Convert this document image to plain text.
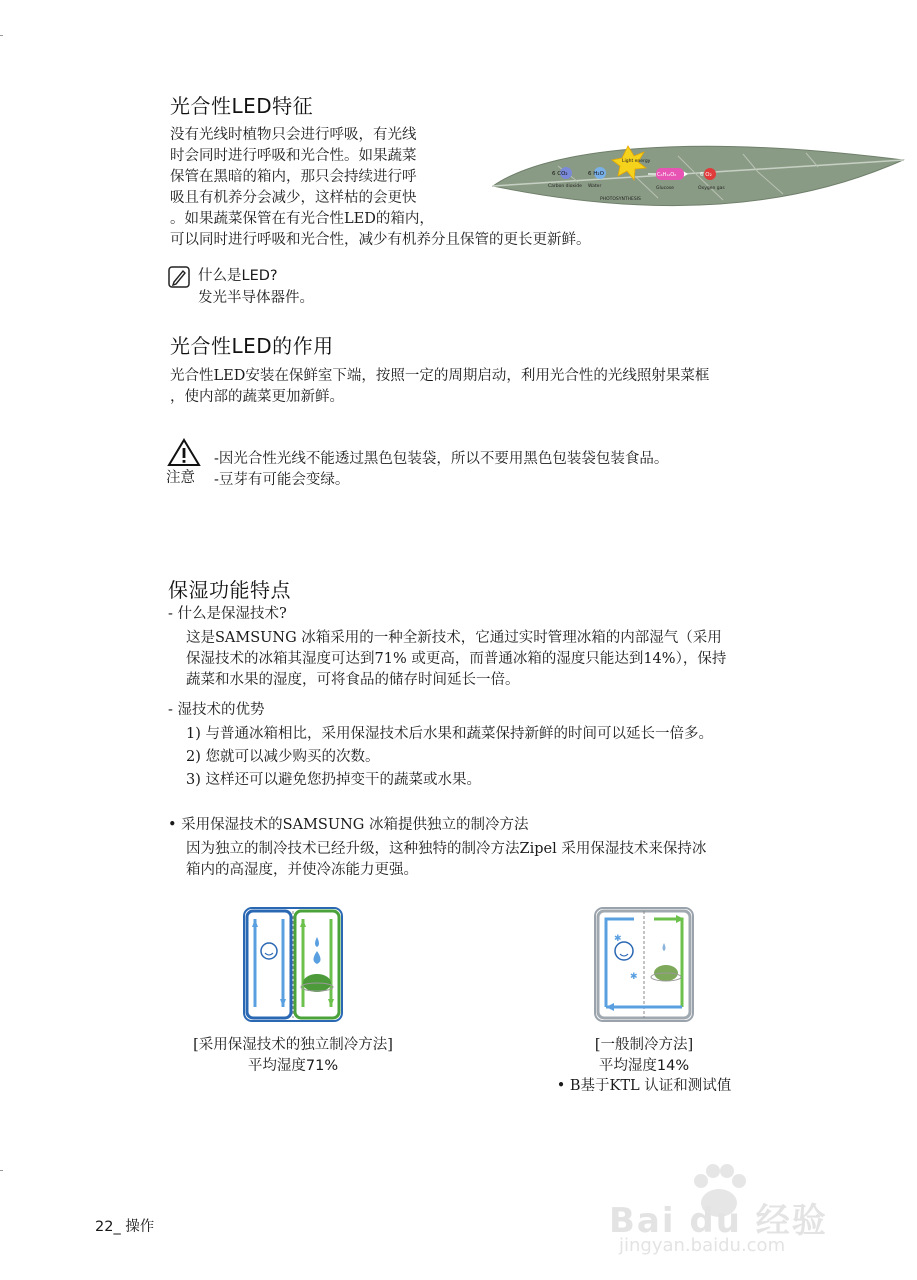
光合性LED特征
没有光线时植物只会进行呼吸，有光线
时会同时进行呼吸和光合性。如果蔬菜
保管在黑暗的箱内，那只会持续进行呼
吸且有机养分会减少，这样枯的会更快
。如果蔬菜保管在有光合性LED的箱内，
可以同时进行呼吸和光合性，减少有机养分且保管的更长更新鲜。
6 CO₂
Carbon dioxide
6 H₂O
Water
Light energy
C₆H₁₂O₆
Glucose
6 O₂
Oxygen gas
PHOTOSYNTHESIS
什么是LED?
发光半导体器件。
光合性LED的作用
光合性LED安装在保鲜室下端，按照一定的周期启动，利用光合性的光线照射果菜框
，使内部的蔬菜更加新鲜。
注意
-因光合性光线不能透过黑色包装袋，所以不要用黑色包装袋包装食品。
-豆芽有可能会变绿。
保湿功能特点
- 什么是保湿技术?
这是SAMSUNG 冰箱采用的一种全新技术，它通过实时管理冰箱的内部湿气（采用
保湿技术的冰箱其湿度可达到71% 或更高，而普通冰箱的湿度只能达到14%），保持
蔬菜和水果的湿度，可将食品的储存时间延长一倍。
- 湿技术的优势
1) 与普通冰箱相比，采用保湿技术后水果和蔬菜保持新鲜的时间可以延长一倍多。
2) 您就可以减少购买的次数。
3) 这样还可以避免您扔掉变干的蔬菜或水果。
• 采用保湿技术的SAMSUNG 冰箱提供独立的制冷方法
因为独立的制冷技术已经升级，这种独特的制冷方法Zipel 采用保湿技术来保持冰
箱内的高湿度，并使冷冻能力更强。
[采用保湿技术的独立制冷方法]
平均湿度71%
✱
✱
[一般制冷方法]
平均湿度14%
• B基于KTL 认证和测试值
22_ 操作	Bai du 经验
jingyan.baidu.com
